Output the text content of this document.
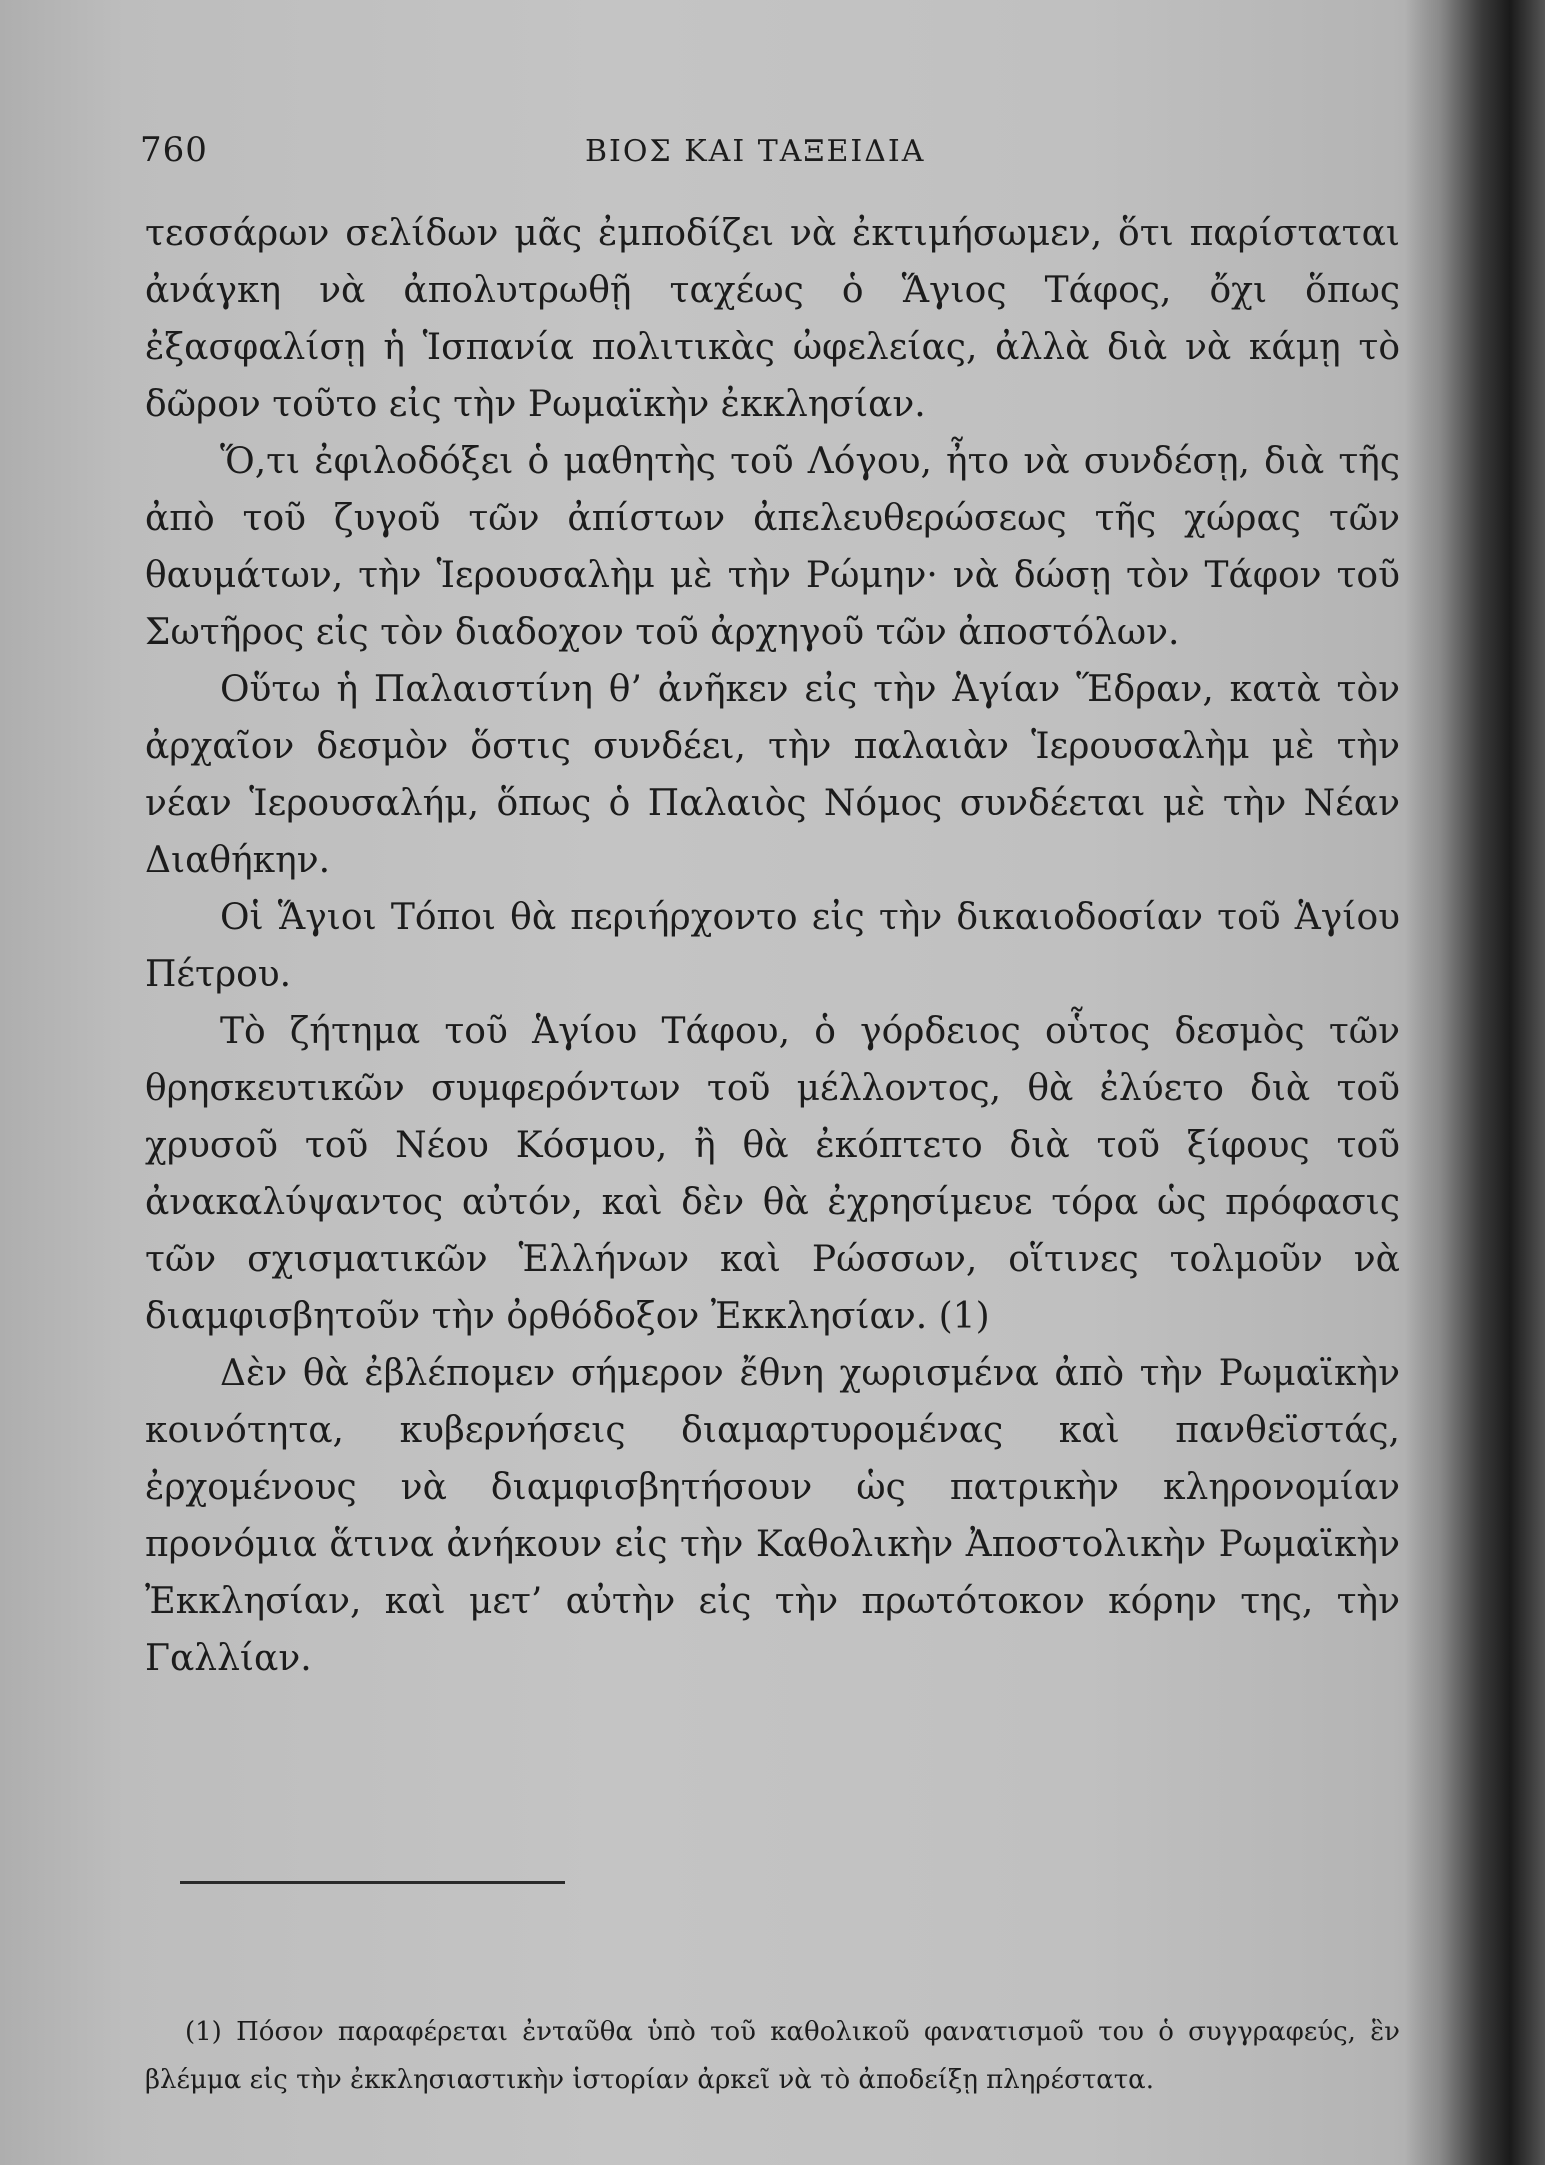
760	ΒΙΟΣ ΚΑΙ ΤΑΞΕΙΔΙΑ

τεσσάρων σελίδων μᾶς ἐμποδίζει νὰ ἐκτιμήσωμεν, ὅτι παρίσταται ἀνάγκη νὰ ἀπολυτρωθῇ ταχέως ὁ Ἅγιος Τάφος, ὄχι ὅπως ἐξασφαλίσῃ ἡ Ἱσπανία πολιτικὰς ὠφελείας, ἀλλὰ διὰ νὰ κάμῃ τὸ δῶρον τοῦτο εἰς τὴν Ρωμαϊκὴν ἐκκλησίαν.

Ὅ,τι ἐφιλοδόξει ὁ μαθητὴς τοῦ Λόγου, ἦτο νὰ συνδέσῃ, διὰ τῆς ἀπὸ τοῦ ζυγοῦ τῶν ἀπίστων ἀπελευθερώσεως τῆς χώρας τῶν θαυμάτων, τὴν Ἱερουσαλὴμ μὲ τὴν Ρώμην· νὰ δώσῃ τὸν Τάφον τοῦ Σωτῆρος εἰς τὸν διαδοχον τοῦ ἀρχηγοῦ τῶν ἀποστόλων.

Οὕτω ἡ Παλαιστίνη θ’ ἀνῆκεν εἰς τὴν Ἁγίαν Ἕδραν, κατὰ τὸν ἀρχαῖον δεσμὸν ὅστις συνδέει, τὴν παλαιὰν Ἱερουσαλὴμ μὲ τὴν νέαν Ἱερουσαλήμ, ὅπως ὁ Παλαιὸς Νόμος συνδέεται μὲ τὴν Νέαν Διαθήκην.

Οἱ Ἅγιοι Τόποι θὰ περιήρχοντο εἰς τὴν δικαιοδοσίαν τοῦ Ἁγίου Πέτρου.

Τὸ ζήτημα τοῦ Ἁγίου Τάφου, ὁ γόρδειος οὗτος δεσμὸς τῶν θρησκευτικῶν συμφερόντων τοῦ μέλλοντος, θὰ ἐλύετο διὰ τοῦ χρυσοῦ τοῦ Νέου Κόσμου, ἢ θὰ ἐκόπτετο διὰ τοῦ ξίφους τοῦ ἀνακαλύψαντος αὐτόν, καὶ δὲν θὰ ἐχρησίμευε τόρα ὡς πρόφασις τῶν σχισματικῶν Ἑλλήνων καὶ Ρώσσων, οἵτινες τολμοῦν νὰ διαμφισβητοῦν τὴν ὀρθόδοξον Ἐκκλησίαν. (1)

Δὲν θὰ ἐβλέπομεν σήμερον ἔθνη χωρισμένα ἀπὸ τὴν Ρωμαϊκὴν κοινότητα, κυβερνήσεις διαμαρτυρομένας καὶ πανθεϊστάς, ἐρχομένους νὰ διαμφισβητήσουν ὡς πατρικὴν κληρονομίαν προνόμια ἅτινα ἀνήκουν εἰς τὴν Καθολικὴν Ἀποστολικὴν Ρωμαϊκὴν Ἐκκλησίαν, καὶ μετ’ αὐτὴν εἰς τὴν πρωτότοκον κόρην της, τὴν Γαλλίαν.

(1) Πόσον παραφέρεται ἐνταῦθα ὑπὸ τοῦ καθολικοῦ φανατισμοῦ του ὁ συγγραφεύς, ἓν βλέμμα εἰς τὴν ἐκκλησιαστικὴν ἱστορίαν ἀρκεῖ νὰ τὸ ἀποδείξῃ πληρέστατα.
